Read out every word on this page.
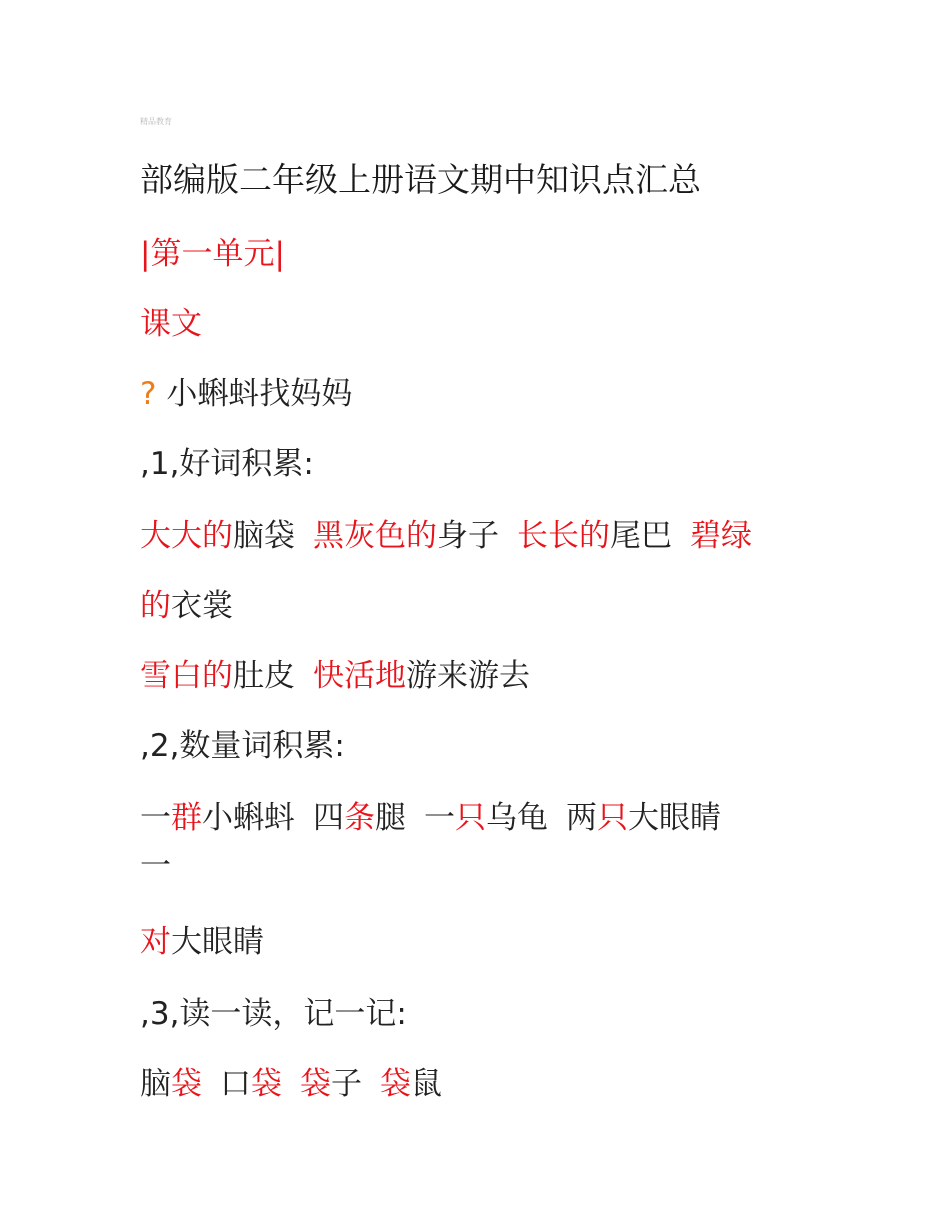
精品教育
部编版二年级上册语文期中知识点汇总
|第一单元|
课文
? 小蝌蚪找妈妈
,1,好词积累:
大大的脑袋 黑灰色的身子 长长的尾巴 碧绿
的衣裳
雪白的肚皮 快活地游来游去
,2,数量词积累:
一群小蝌蚪 四条腿 一只乌龟 两只大眼睛
一
对大眼睛
,3,读一读，记一记:
脑袋 口袋 袋子 袋鼠
